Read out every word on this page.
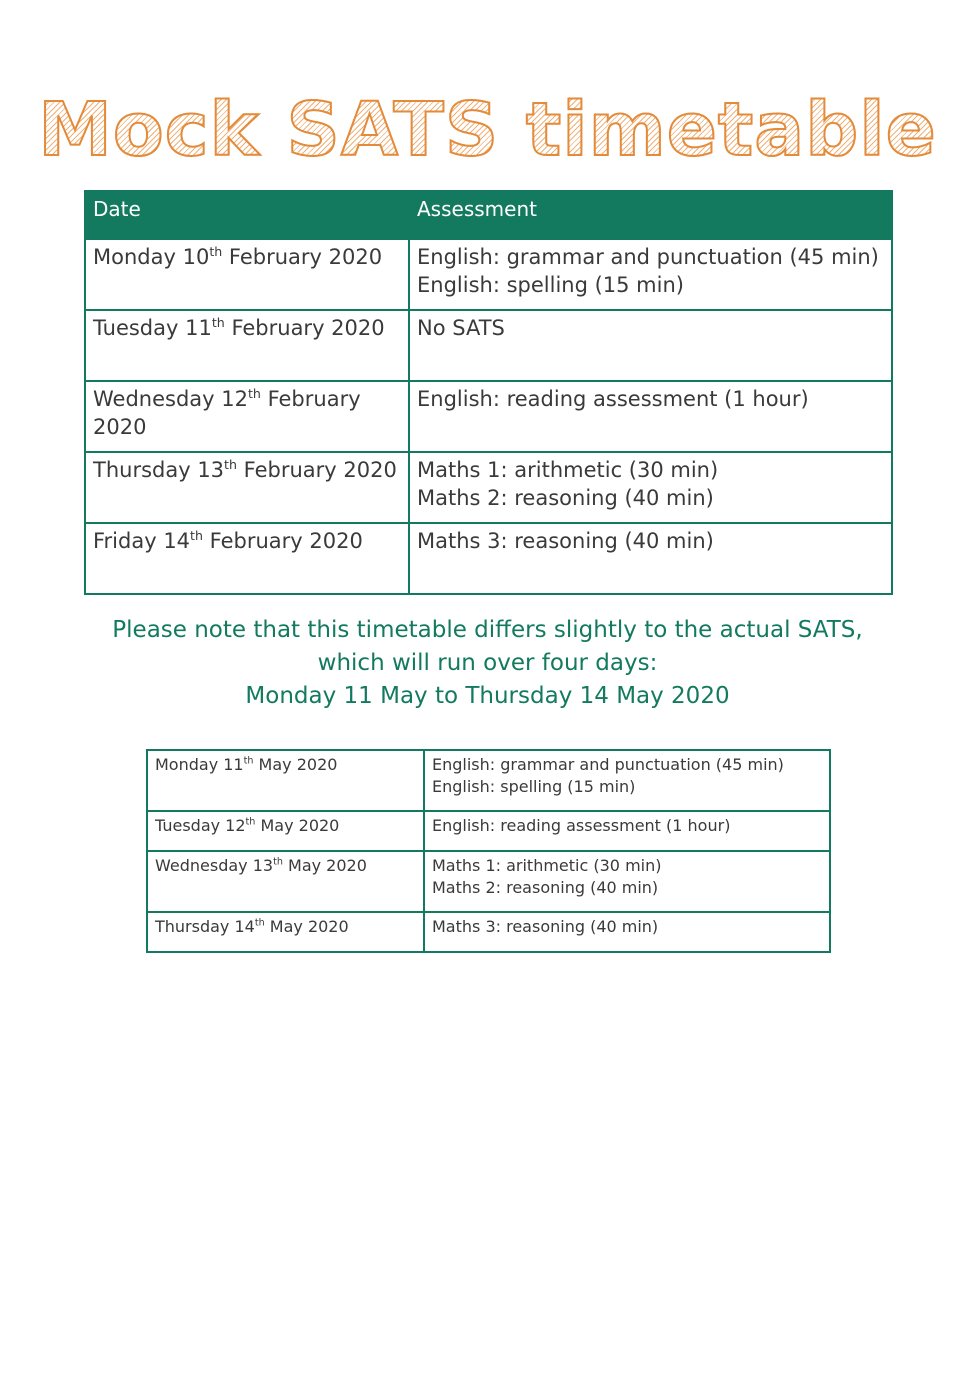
Mock SATS timetable
Date	Assessment
Monday 10th February 2020	English: grammar and punctuation (45 min)
English: spelling (15 min)

Tuesday 11th February 2020	No SATS

Wednesday 12th February 2020	English: reading assessment (1 hour)

Thursday 13th February 2020	Maths 1: arithmetic (30 min)
Maths 2: reasoning (40 min)

Friday 14th February 2020	Maths 3: reasoning (40 min)
Please note that this timetable differs slightly to the actual SATS,
which will run over four days:
Monday 11 May to Thursday 14 May 2020
Monday 11th May 2020	English: grammar and punctuation (45 min)
English: spelling (15 min)

Tuesday 12th May 2020	English: reading assessment (1 hour)

Wednesday 13th May 2020	Maths 1: arithmetic (30 min)
Maths 2: reasoning (40 min)

Thursday 14th May 2020	Maths 3: reasoning (40 min)
